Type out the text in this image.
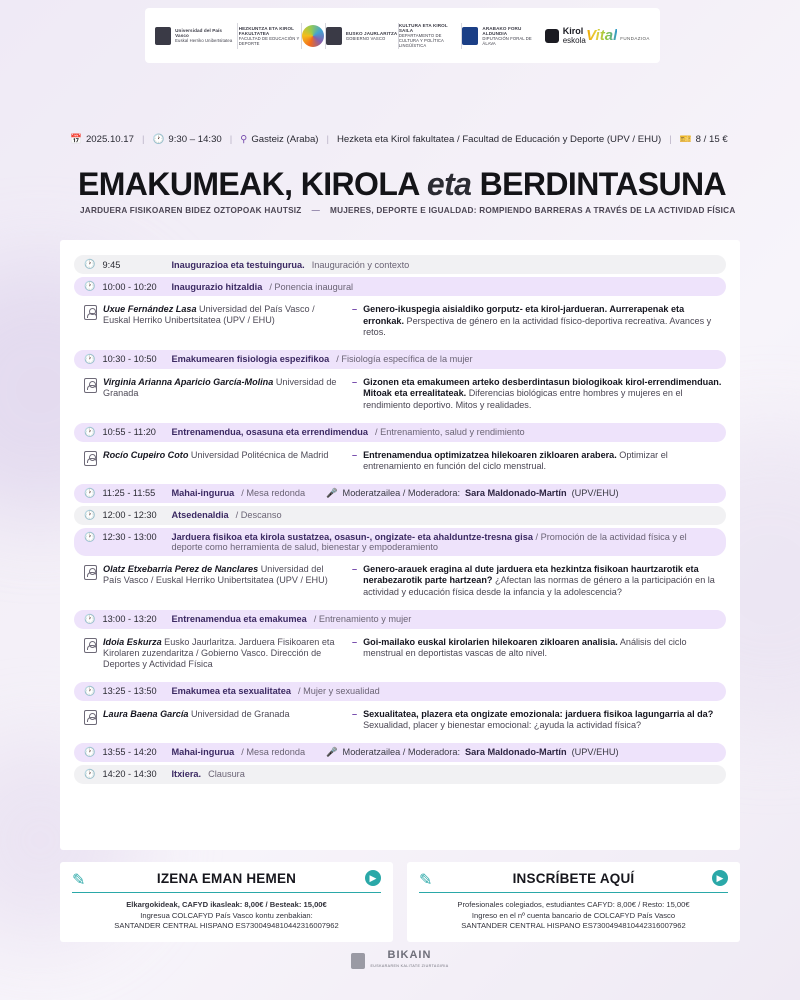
Universidad del País Vasco
Euskal Herriko Unibertsitatea
HEZKUNTZA ETA KIROL FAKULTATEA
FACULTAD DE EDUCACIÓN Y DEPORTE
EUSKO JAURLARITZA
GOBIERNO VASCO
KULTURA ETA KIROL SAILA
DEPARTAMENTO DE CULTURA Y POLÍTICA LINGÜÍSTICA
ARABAKO FORU ALDUNDIA
DIPUTACIÓN FORAL DE ÁLAVA
Kirol
eskola Vital FUNDAZIOA
📅 2025.10.17 | 🕐 9:30 – 14:30 | ⚲ Gasteiz (Araba) | Hezketa eta Kirol fakultatea / Facultad de Educación y Deporte (UPV / EHU) | 🎫 8 / 15 €
EMAKUMEAK, KIROLA eta BERDINTASUNA
JARDUERA FISIKOAREN BIDEZ OZTOPOAK HAUTSIZ — MUJERES, DEPORTE E IGUALDAD: ROMPIENDO BARRERAS A TRAVÉS DE LA ACTIVIDAD FÍSICA
🕐 9:45	Inaugurazioa eta testuingurua. Inauguración y contexto
🕐 10:00 - 10:20	Inaugurazio hitzaldia / Ponencia inaugural
Uxue Fernández Lasa Universidad del País Vasco / Euskal Herriko Unibertsitatea (UPV / EHU)
– Genero-ikuspegia aisialdiko gorputz- eta kirol-jardueran. Aurrerapenak eta erronkak. Perspectiva de género en la actividad físico-deportiva recreativa. Avances y retos.
🕐 10:30 - 10:50	Emakumearen fisiologia espezifikoa / Fisiología específica de la mujer
Virginia Arianna Aparicio García-Molina Universidad de Granada
– Gizonen eta emakumeen arteko desberdintasun biologikoak kirol-errendimenduan. Mitoak eta errealitateak. Diferencias biológicas entre hombres y mujeres en el rendimiento deportivo. Mitos y realidades.
🕐 10:55 - 11:20	Entrenamendua, osasuna eta errendimendua / Entrenamiento, salud y rendimiento
Rocío Cupeiro Coto Universidad Politécnica de Madrid	– Entrenamendua optimizatzea hilekoaren zikloaren arabera. Optimizar el entrenamiento en función del ciclo menstrual.
🕐 11:25 - 11:55	Mahai-ingurua / Mesa redonda 🎤 Moderatzailea / Moderadora: Sara Maldonado-Martín (UPV/EHU)
🕐 12:00 - 12:30	Atsedenaldia / Descanso
🕐 12:30 - 13:00	Jarduera fisikoa eta kirola sustatzea, osasun-, ongizate- eta ahalduntze-tresna gisa / Promoción de la actividad física y el deporte como herramienta de salud, bienestar y empoderamiento
Olatz Etxebarria Perez de Nanclares Universidad del País Vasco / Euskal Herriko Unibertsitatea (UPV / EHU)
– Genero-arauek eragina al dute jarduera eta hezkintza fisikoan haurtzarotik eta nerabezarotik parte hartzean? ¿Afectan las normas de género a la participación en la actividad y educación física desde la infancia y la adolescencia?
🕐 13:00 - 13:20	Entrenamendua eta emakumea / Entrenamiento y mujer
Idoia Eskurza Eusko Jaurlaritza. Jarduera Fisikoaren eta Kirolaren zuzendaritza / Gobierno Vasco. Dirección de Deportes y Actividad Física
– Goi-mailako euskal kirolarien hilekoaren zikloaren analisia. Análisis del ciclo menstrual en deportistas vascas de alto nivel.
🕐 13:25 - 13:50	Emakumea eta sexualitatea / Mujer y sexualidad
Laura Baena García Universidad de Granada	– Sexualitatea, plazera eta ongizate emozionala: jarduera fisikoa lagungarria al da? Sexualidad, placer y bienestar emocional: ¿ayuda la actividad física?
🕐 13:55 - 14:20	Mahai-ingurua / Mesa redonda 🎤 Moderatzailea / Moderadora: Sara Maldonado-Martín (UPV/EHU)
🕐 14:20 - 14:30	Itxiera. Clausura
✎	IZENA EMAN HEMEN	▶
Elkargokideak, CAFYD ikasleak: 8,00€ / Besteak: 15,00€
Ingresua COLCAFYD País Vasco kontu zenbakian:
SANTANDER CENTRAL HISPANO ES7300494810442316007962
✎	INSCRÍBETE AQUÍ	▶
Profesionales colegiados, estudiantes CAFYD: 8,00€ / Resto: 15,00€
Ingreso en el nº cuenta bancario de COLCAFYD País Vasco
SANTANDER CENTRAL HISPANO ES7300494810442316007962
BIKAIN
EUSKARAREN KALITATE ZIURTAGIRIA
